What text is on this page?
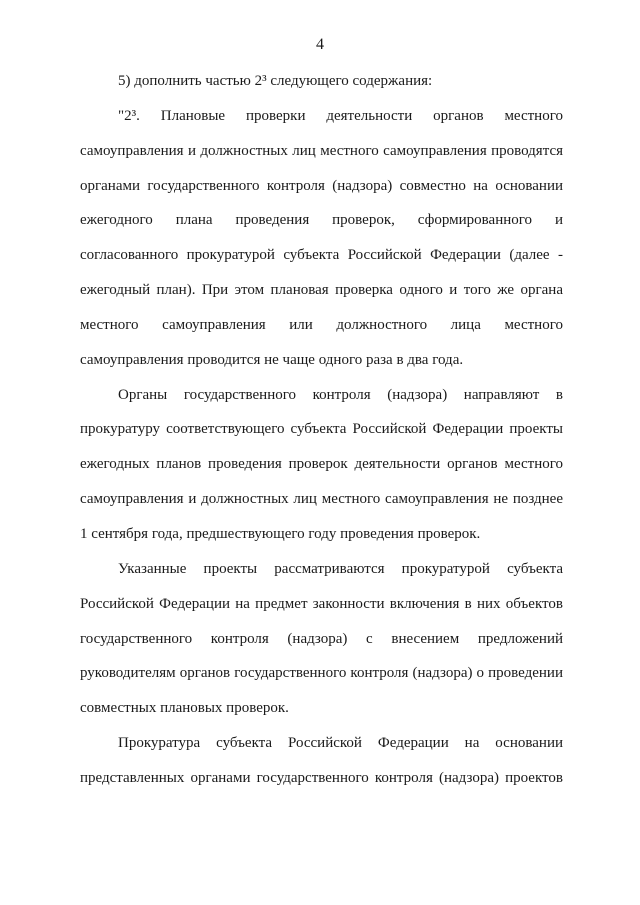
4
5) дополнить частью 2³ следующего содержания:
"2³. Плановые проверки деятельности органов местного
самоуправления и должностных лиц местного самоуправления проводятся
органами государственного контроля (надзора) совместно на основании
ежегодного плана проведения проверок, сформированного и
согласованного прокуратурой субъекта Российской Федерации (далее -
ежегодный план). При этом плановая проверка одного и того же органа
местного самоуправления или должностного лица местного
самоуправления проводится не чаще одного раза в два года.
Органы государственного контроля (надзора) направляют в
прокуратуру соответствующего субъекта Российской Федерации проекты
ежегодных планов проведения проверок деятельности органов местного
самоуправления и должностных лиц местного самоуправления не позднее
1 сентября года, предшествующего году проведения проверок.
Указанные проекты рассматриваются прокуратурой субъекта
Российской Федерации на предмет законности включения в них объектов
государственного контроля (надзора) с внесением предложений
руководителям органов государственного контроля (надзора) о проведении
совместных плановых проверок.
Прокуратура субъекта Российской Федерации на основании
представленных органами государственного контроля (надзора) проектов
